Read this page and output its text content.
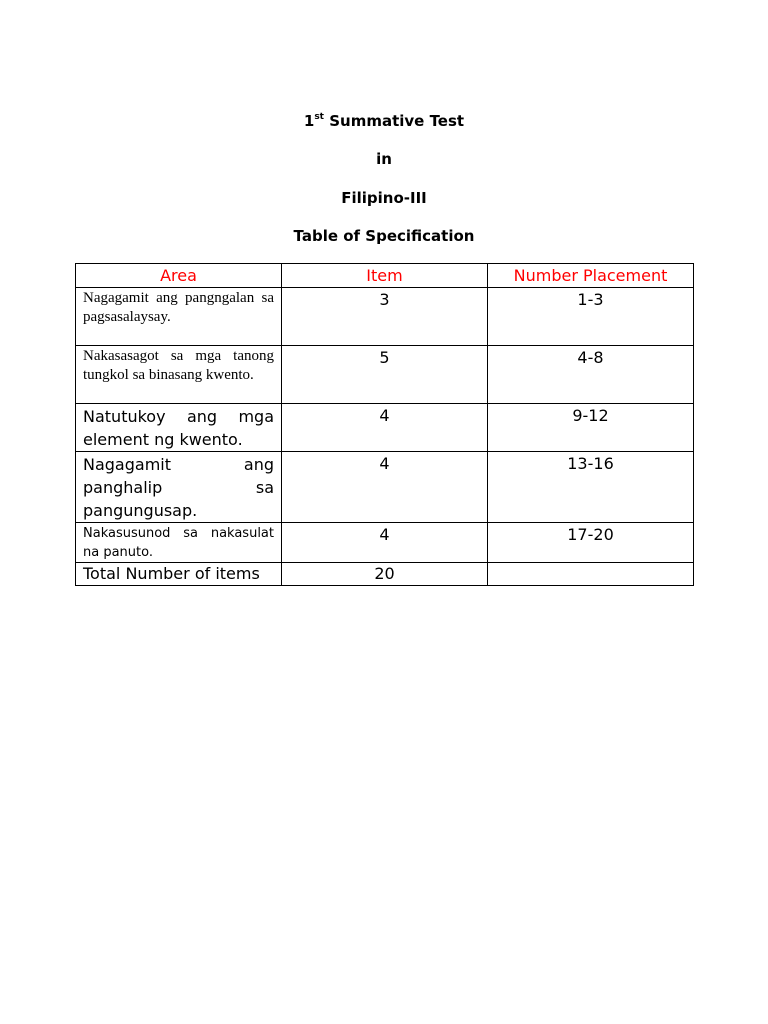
1st Summative Test
in
Filipino-III
Table of Specification
Area	Item	Number Placement
Nagagamit ang pangngalan sa pagsasalaysay.	3	1-3
Nakasasagot sa mga tanong tungkol sa binasang kwento.	5	4-8
Natutukoy ang mga element ng kwento.	4	9-12
Nagagamit ang panghalip sa pangungusap.	4	13-16
Nakasusunod sa nakasulat na panuto.	4	17-20
Total Number of items	20	
